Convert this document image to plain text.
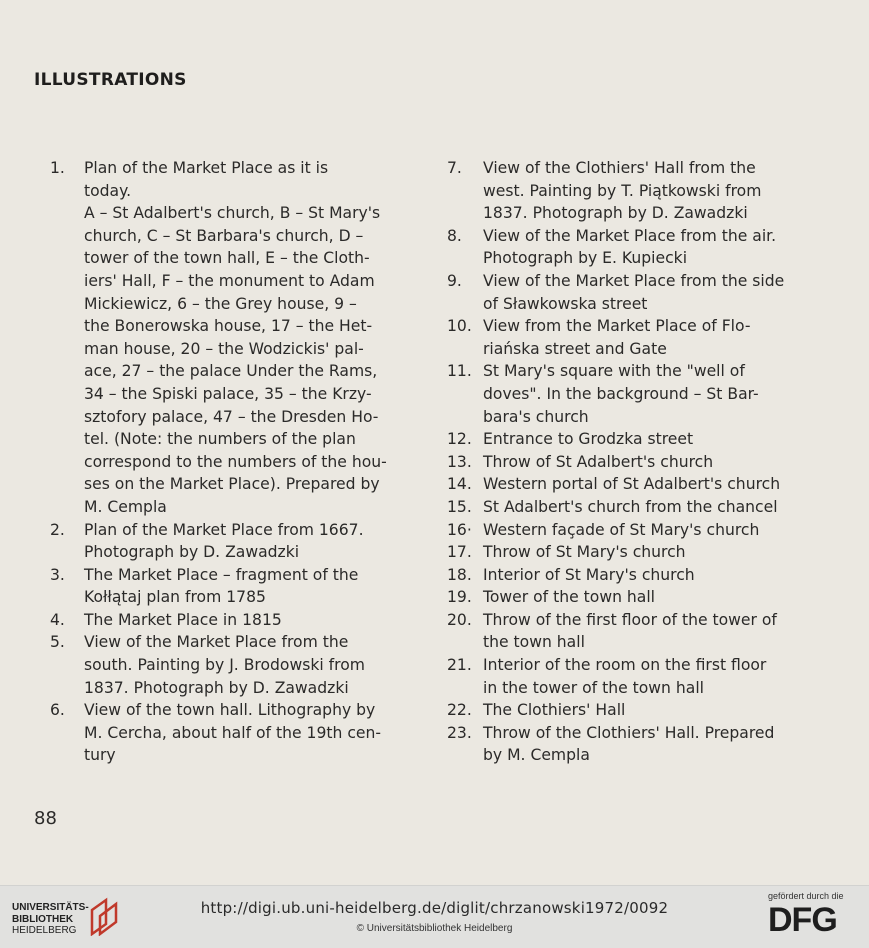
ILLUSTRATIONS
1.	Plan of the Market Place as it is
today.
A – St Adalbert's church, B – St Mary's
church, C – St Barbara's church, D –
tower of the town hall, E – the Cloth-
iers' Hall, F – the monument to Adam
Mickiewicz, 6 – the Grey house, 9 –
the Bonerowska house, 17 – the Het-
man house, 20 – the Wodzickis' pal-
ace, 27 – the palace Under the Rams,
34 – the Spiski palace, 35 – the Krzy-
sztofory palace, 47 – the Dresden Ho-
tel. (Note: the numbers of the plan
correspond to the numbers of the hou-
ses on the Market Place). Prepared by
M. Cempla
2.	Plan of the Market Place from 1667.
Photograph by D. Zawadzki
3.	The Market Place – fragment of the
Kołłątaj plan from 1785
4.	The Market Place in 1815
5.	View of the Market Place from the
south. Painting by J. Brodowski from
1837. Photograph by D. Zawadzki
6.	View of the town hall. Lithography by
M. Cercha, about half of the 19th cen-
tury
7.	View of the Clothiers' Hall from the
west. Painting by T. Piątkowski from
1837. Photograph by D. Zawadzki
8.	View of the Market Place from the air.
Photograph by E. Kupiecki
9.	View of the Market Place from the side
of Sławkowska street
10. View from the Market Place of Flo-
riańska street and Gate
11. St Mary's square with the "well of
doves". In the background – St Bar-
bara's church
12. Entrance to Grodzka street
13. Throw of St Adalbert's church
14. Western portal of St Adalbert's church
15. St Adalbert's church from the chancel
16· Western façade of St Mary's church
17. Throw of St Mary's church
18. Interior of St Mary's church
19. Tower of the town hall
20. Throw of the first floor of the tower of
the town hall
21. Interior of the room on the first floor
in the tower of the town hall
22. The Clothiers' Hall
23. Throw of the Clothiers' Hall. Prepared
by M. Cempla
88
UNIVERSITÄTS-
BIBLIOTHEK
HEIDELBERG
http://digi.ub.uni-heidelberg.de/diglit/chrzanowski1972/0092
© Universitätsbibliothek Heidelberg
gefördert durch die
DFG
